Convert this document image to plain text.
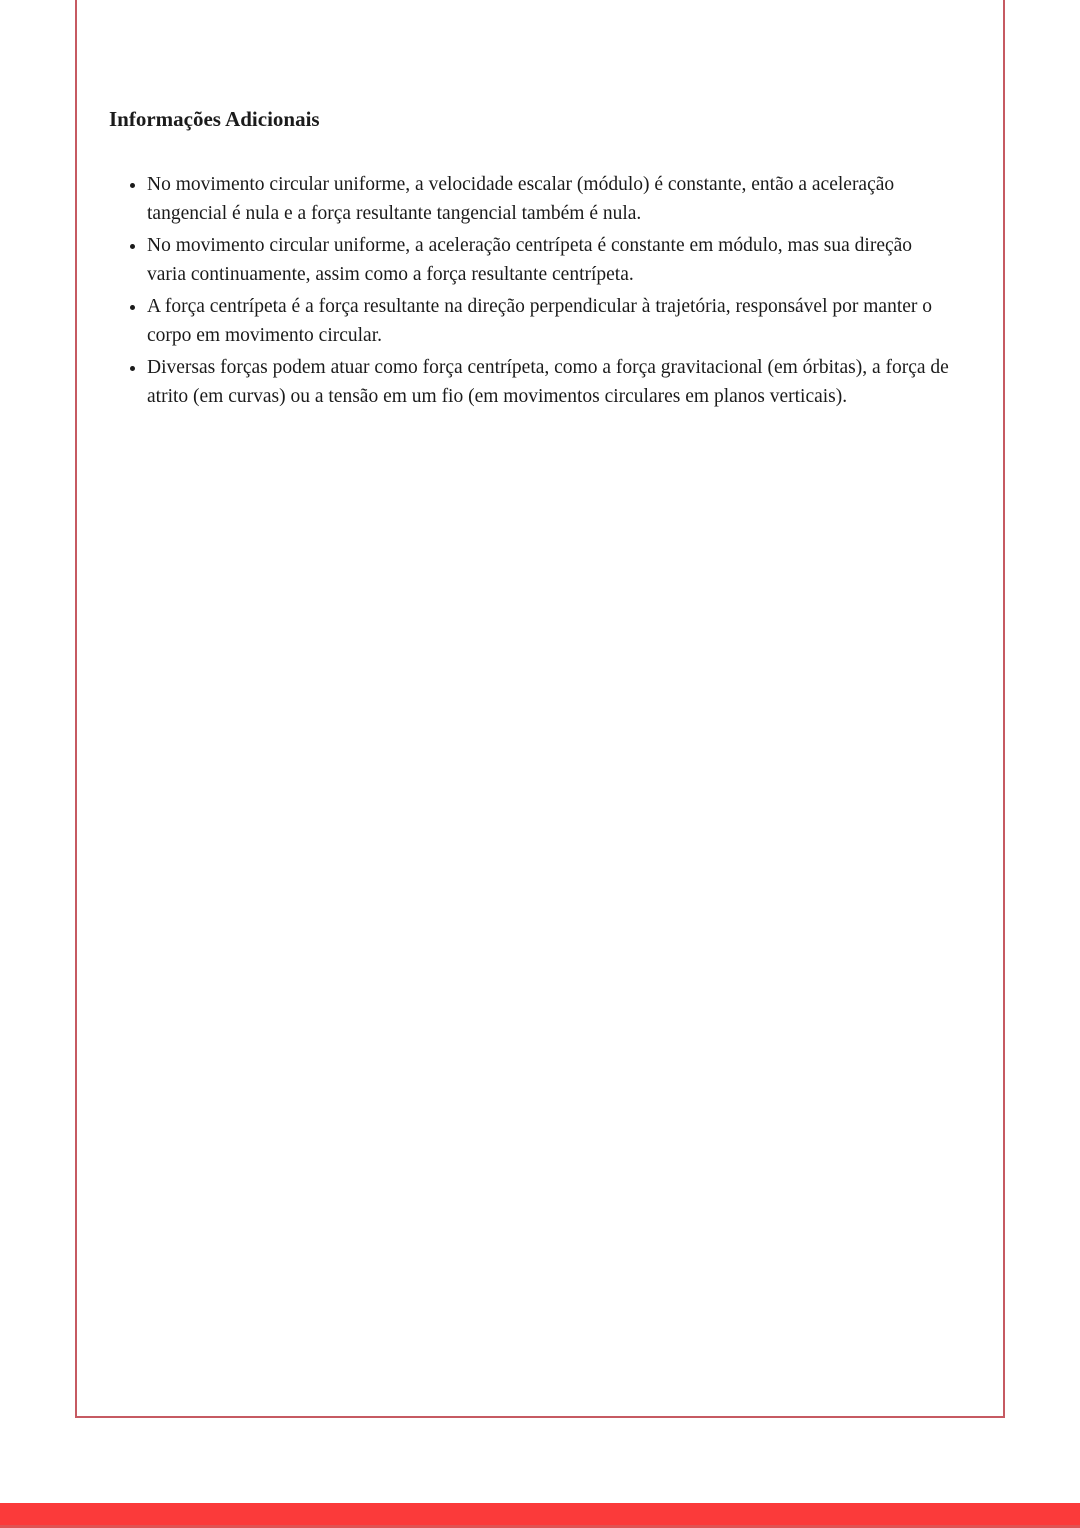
Informações Adicionais
• No movimento circular uniforme, a velocidade escalar (módulo) é constante, então a aceleração tangencial é nula e a força resultante tangencial também é nula.
• No movimento circular uniforme, a aceleração centrípeta é constante em módulo, mas sua direção varia continuamente, assim como a força resultante centrípeta.
• A força centrípeta é a força resultante na direção perpendicular à trajetória, responsável por manter o corpo em movimento circular.
• Diversas forças podem atuar como força centrípeta, como a força gravitacional (em órbitas), a força de atrito (em curvas) ou a tensão em um fio (em movimentos circulares em planos verticais).
